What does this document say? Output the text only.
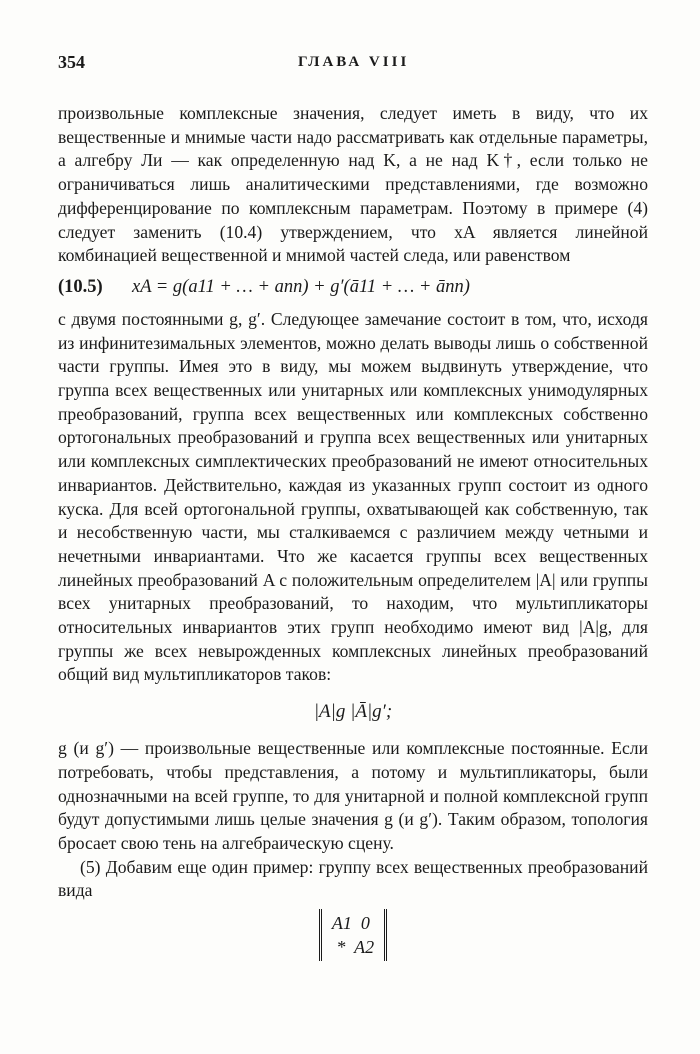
354	ГЛАВА VIII

произвольные комплексные значения, следует иметь в виду, что их вещественные и мнимые части надо рассматривать как отдельные параметры, а алгебру Ли — как определенную над K, а не над K†, если только не ограничиваться лишь аналитическими представлениями, где возможно дифференцирование по комплексным параметрам. Поэтому в примере (4) следует заменить (10.4) утверждением, что xA является линейной комбинацией вещественной и мнимой частей следа, или равенством

(10.5)	xA = g(a11 + … + ann) + g′(ā11 + … + ānn)

с двумя постоянными g, g′. Следующее замечание состоит в том, что, исходя из инфинитезимальных элементов, можно делать выводы лишь о собственной части группы. Имея это в виду, мы можем выдвинуть утверждение, что группа всех вещественных или унитарных или комплексных унимодулярных преобразований, группа всех вещественных или комплексных собственно ортогональных преобразований и группа всех вещественных или унитарных или комплексных симплектических преобразований не имеют относительных инвариантов. Действительно, каждая из указанных групп состоит из одного куска. Для всей ортогональной группы, охватывающей как собственную, так и несобственную части, мы сталкиваемся с различием между четными и нечетными инвариантами. Что же касается группы всех вещественных линейных преобразований A с положительным определителем |A| или группы всех унитарных преобразований, то находим, что мультипликаторы относительных инвариантов этих групп необходимо имеют вид |A|g, для группы же всех невырожденных комплексных линейных преобразований общий вид мультипликаторов таков:

|A|g |Ā|g′;

g (и g′) — произвольные вещественные или комплексные постоянные. Если потребовать, чтобы представления, а потому и мультипликаторы, были однозначными на всей группе, то для унитарной и полной комплексной групп будут допустимыми лишь целые значения g (и g′). Таким образом, топология бросает свою тень на алгебраическую сцену.

(5) Добавим еще один пример: группу всех вещественных преобразований вида

A1  0
*  A2
